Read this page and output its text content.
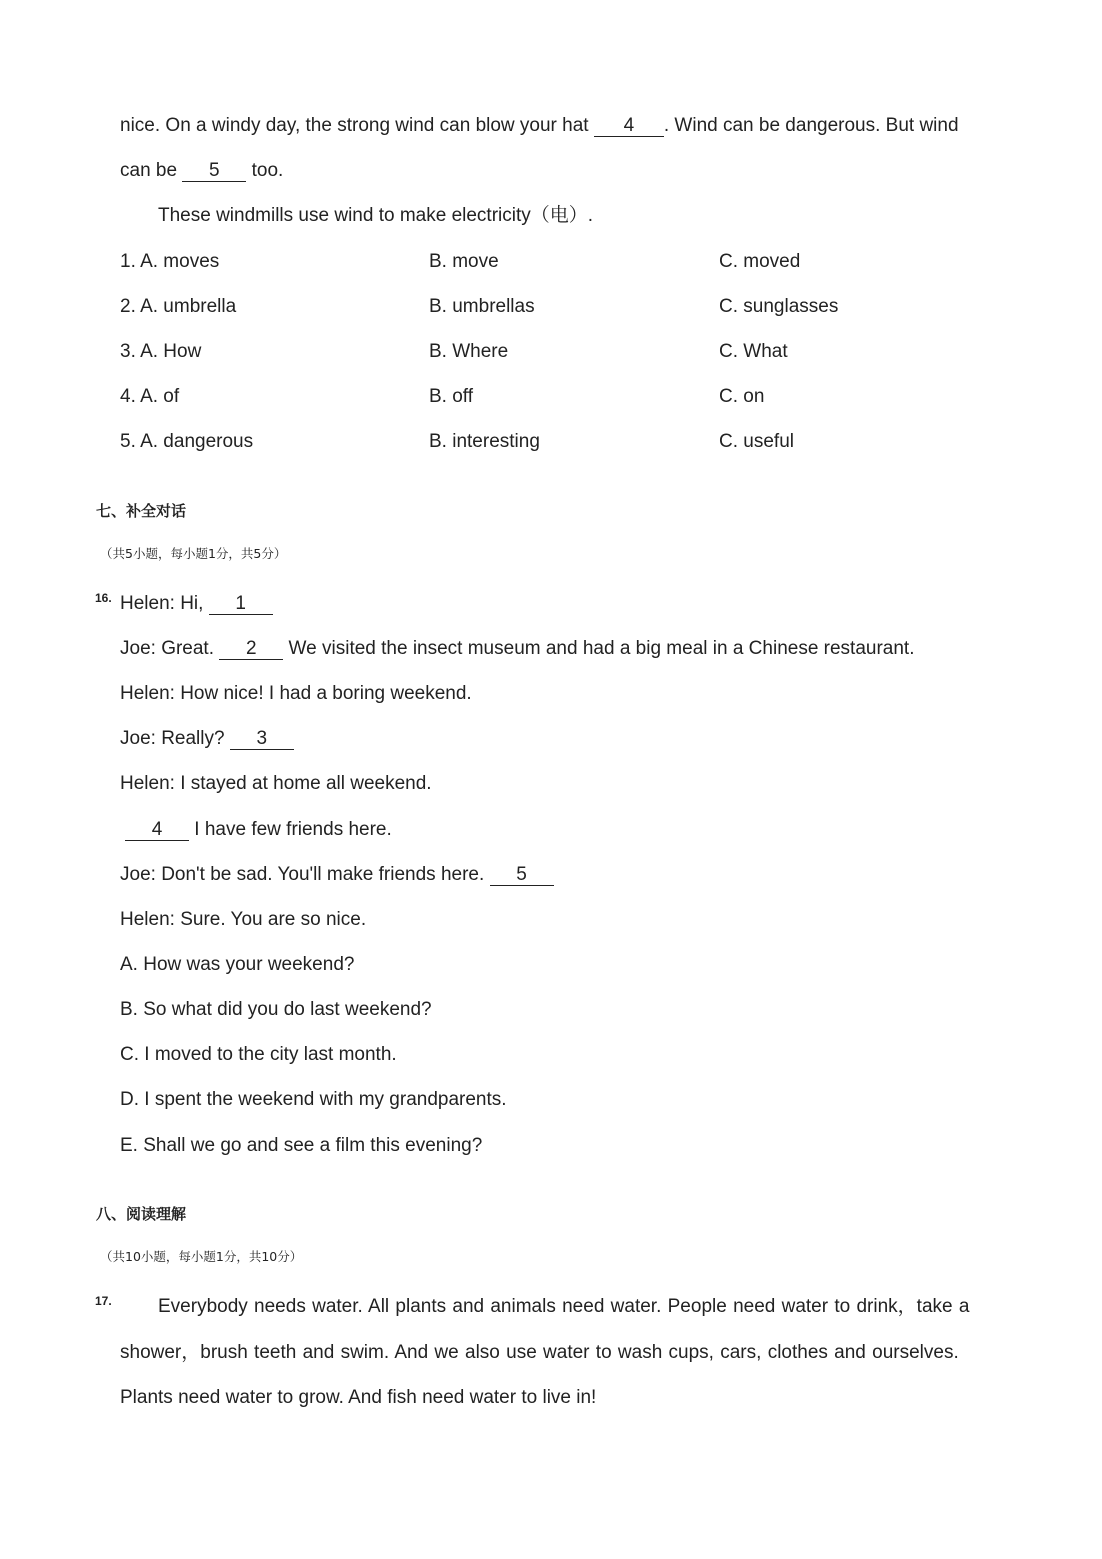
nice. On a windy day, the strong wind can blow your hat 4 . Wind can be dangerous. But wind
can be 5 too.
These windmills use wind to make electricity（电）.
1. A. moves	B. move	C. moved
2. A. umbrella	B. umbrellas	C. sunglasses
3. A. How	B. Where	C. What
4. A. of	B. off	C. on
5. A. dangerous	B. interesting	C. useful
七、补全对话
（共5小题，每小题1分，共5分）
16. Helen: Hi, 1
Joe: Great. 2 We visited the insect museum and had a big meal in a Chinese restaurant.
Helen: How nice! I had a boring weekend.
Joe: Really? 3
Helen: I stayed at home all weekend.
4 I have few friends here.
Joe: Don't be sad. You'll make friends here. 5
Helen: Sure. You are so nice.
A. How was your weekend?
B. So what did you do last weekend?
C. I moved to the city last month.
D. I spent the weekend with my grandparents.
E. Shall we go and see a film this evening?
八、阅读理解
（共10小题，每小题1分，共10分）
17. Everybody needs water. All plants and animals need water. People need water to drink，take a
shower，brush teeth and swim. And we also use water to wash cups, cars, clothes and ourselves.
Plants need water to grow. And fish need water to live in!
